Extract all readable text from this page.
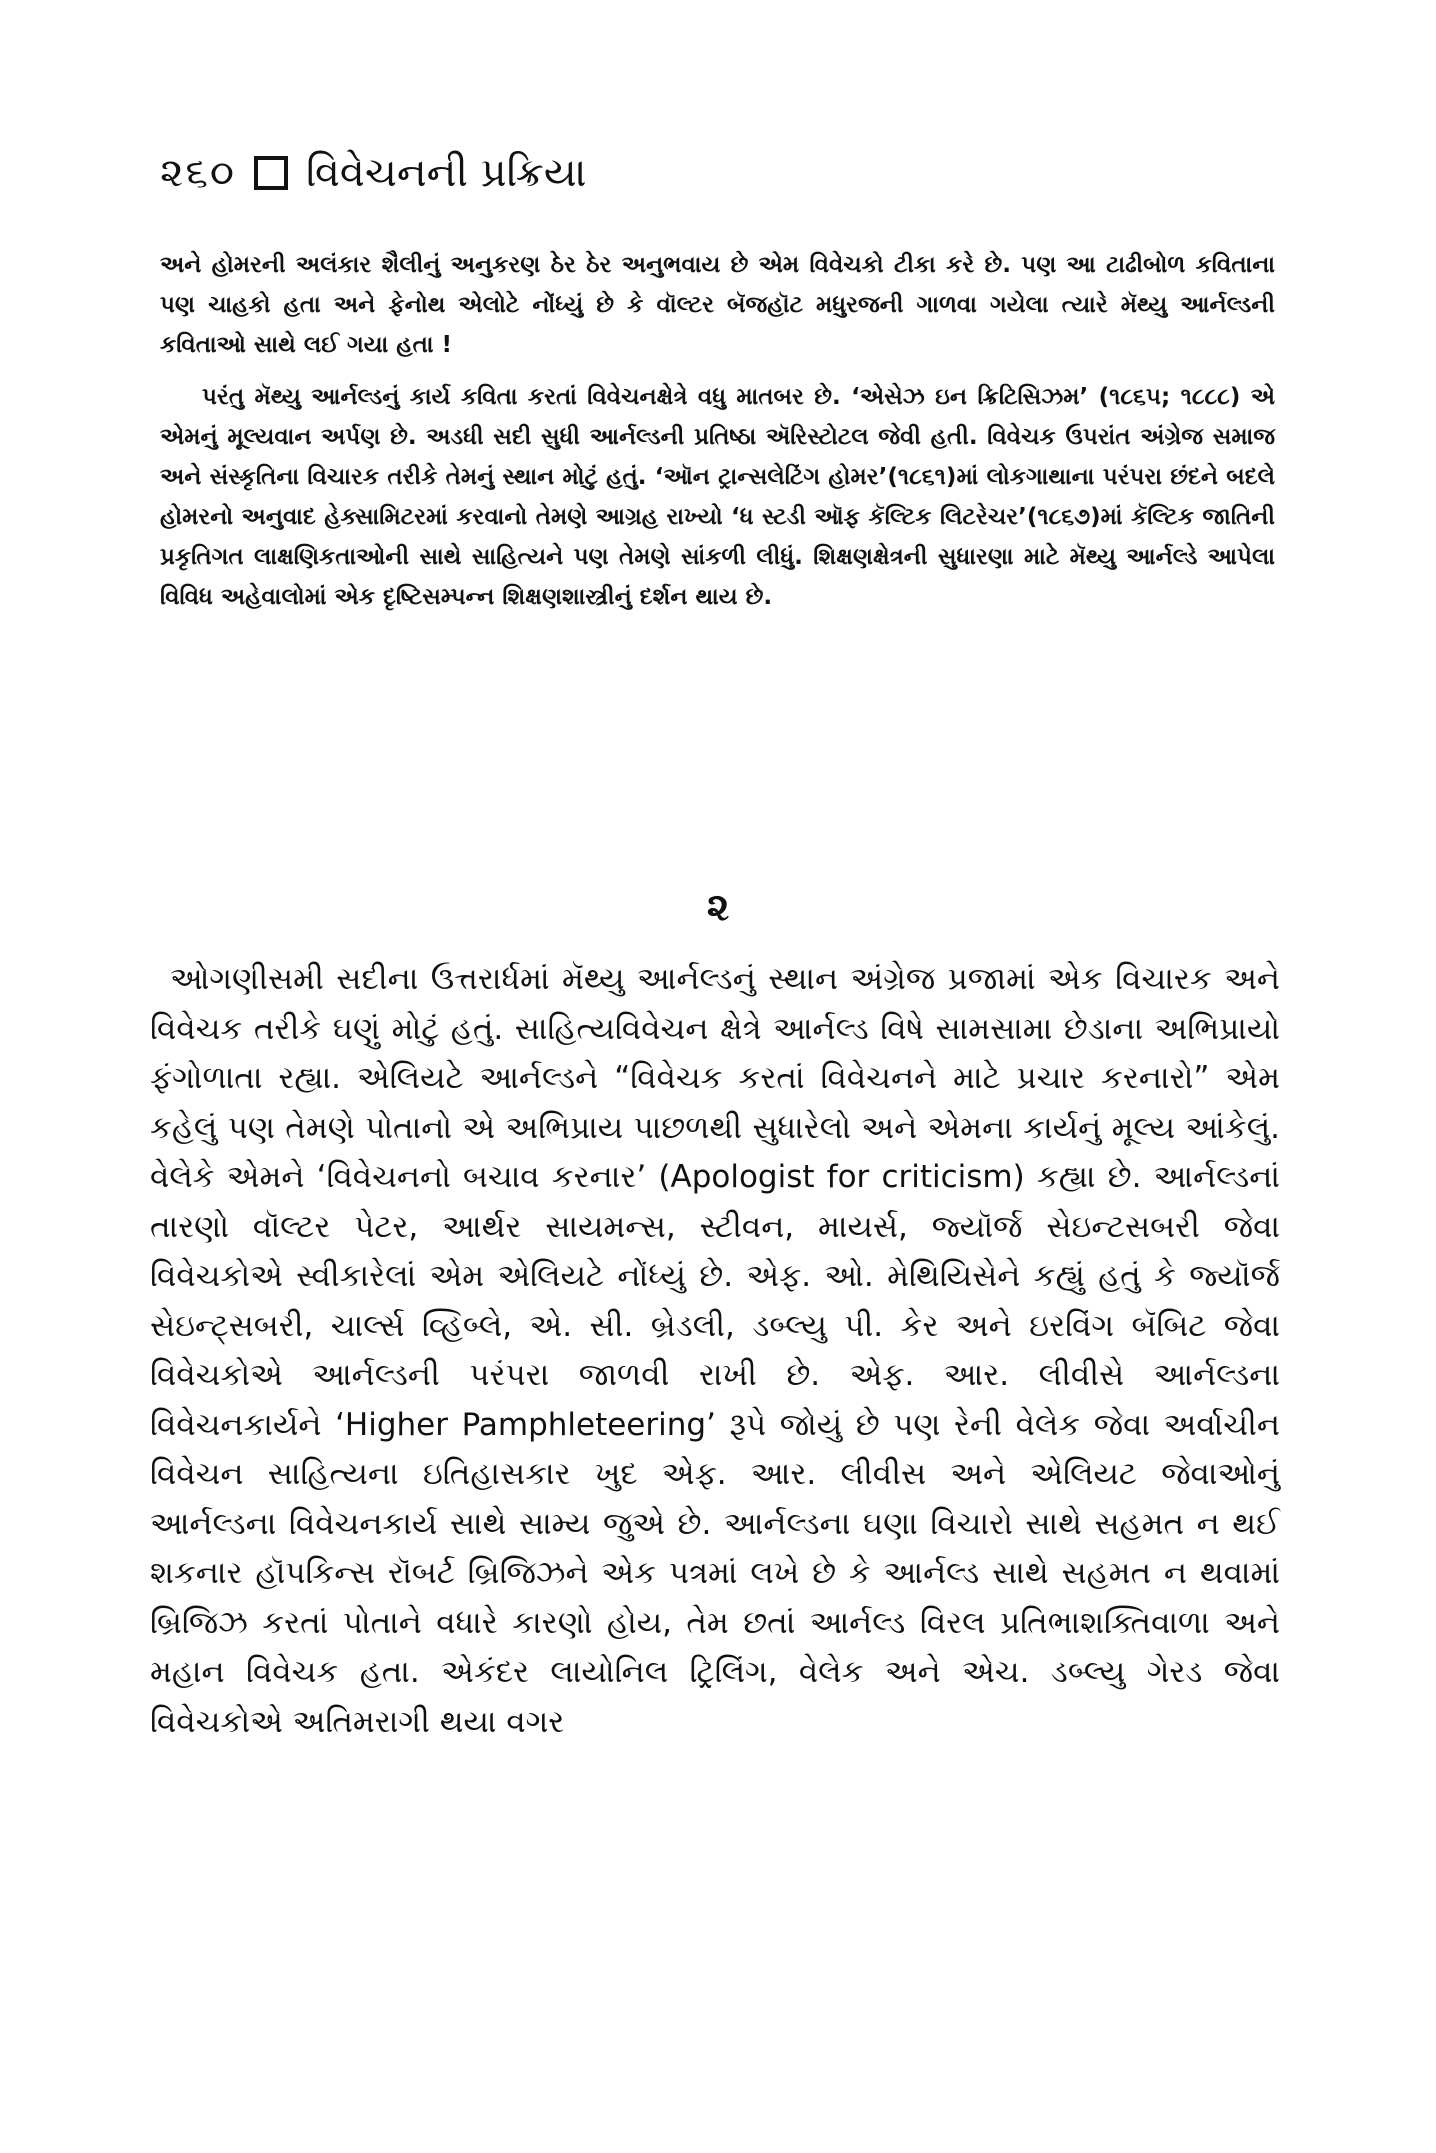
૨૬૦ વિવેચનની પ્રક્રિયા

અને હોમરની અલંકાર શૈલીનું અનુકરણ ઠેર ઠેર અનુભવાય છે એમ વિવેચકો ટીકા કરે છે. પણ આ ટાઢીબોળ કવિતાના પણ ચાહકો હતા અને ફેનોથ એલોટે નોંધ્યું છે કે વૉલ્ટર બૅજહૉટ મધુરજની ગાળવા ગયેલા ત્યારે મૅથ્યુ આર્નલ્ડની કવિતાઓ સાથે લઈ ગયા હતા !

પરંતુ મૅથ્યુ આર્નલ્ડનું કાર્ય કવિતા કરતાં વિવેચનક્ષેત્રે વધુ માતબર છે. ‘એસેઝ ઇન ક્રિટિસિઝમ’ (૧૮૬૫; ૧૮૮૮) એ એમનું મૂલ્યવાન અર્પણ છે. અડધી સદી સુધી આર્નલ્ડની પ્રતિષ્ઠા ઍરિસ્ટોટલ જેવી હતી. વિવેચક ઉપરાંત અંગ્રેજ સમાજ અને સંસ્કૃતિના વિચારક તરીકે તેમનું સ્થાન મોટું હતું. ‘ઑન ટ્રાન્સલેટિંગ હોમર’(૧૮૬૧)માં લોકગાથાના પરંપરા છંદને બદલે હોમરનો અનુવાદ હેક્સામિટરમાં કરવાનો તેમણે આગ્રહ રાખ્યો ‘ધ સ્ટડી ઑફ કૅલ્ટિક લિટરેચર’(૧૮૬૭)માં કૅલ્ટિક જાતિની પ્રકૃતિગત લાક્ષણિકતાઓની સાથે સાહિત્યને પણ તેમણે સાંકળી લીધું. શિક્ષણક્ષેત્રની સુધારણા માટે મૅથ્યુ આર્નલ્ડે આપેલા વિવિધ અહેવાલોમાં એક દૃષ્ટિસમ્પન્ન શિક્ષણશાસ્ત્રીનું દર્શન થાય છે.

૨

ઓગણીસમી સદીના ઉત્તરાર્ધમાં મૅથ્યુ આર્નલ્ડનું સ્થાન અંગ્રેજ પ્રજામાં એક વિચારક અને વિવેચક તરીકે ઘણું મોટું હતું. સાહિત્યવિવેચન ક્ષેત્રે આર્નલ્ડ વિષે સામસામા છેડાના અભિપ્રાયો ફંગોળાતા રહ્યા. એલિયટે આર્નલ્ડને “વિવેચક કરતાં વિવેચનને માટે પ્રચાર કરનારો” એમ કહેલું પણ તેમણે પોતાનો એ અભિપ્રાય પાછળથી સુધારેલો અને એમના કાર્યનું મૂલ્ય આંકેલું. વેલેકે એમને ‘વિવેચનનો બચાવ કરનાર’ (Apologist for criticism) કહ્યા છે. આર્નલ્ડનાં તારણો વૉલ્ટર પેટર, આર્થર સાયમન્સ, સ્ટીવન, માયર્સ, જ્યૉર્જ સેઇન્ટસબરી જેવા વિવેચકોએ સ્વીકારેલાં એમ એલિયટે નોંધ્યું છે. એફ. ઓ. મેથિયિસેને કહ્યું હતું કે જ્યૉર્જ સેઇન્ટ્સબરી, ચાર્લ્સ વ્હિબ્લે, એ. સી. બ્રેડલી, ડબ્લ્યુ પી. કેર અને ઇરવિંગ બૅબિટ જેવા વિવેચકોએ આર્નલ્ડની પરંપરા જાળવી રાખી છે. એફ. આર. લીવીસે આર્નલ્ડના વિવેચનકાર્યને ‘Higher Pamphleteering’ રૂપે જોયું છે પણ રેની વેલેક જેવા અર્વાચીન વિવેચન સાહિત્યના ઇતિહાસકાર ખુદ એફ. આર. લીવીસ અને એલિયટ જેવાઓનું આર્નલ્ડના વિવેચનકાર્ય સાથે સામ્ય જુએ છે. આર્નલ્ડના ઘણા વિચારો સાથે સહમત ન થઈ શકનાર હૉપકિન્સ રૉબર્ટ બ્રિજિઝને એક પત્રમાં લખે છે કે આર્નલ્ડ સાથે સહમત ન થવામાં બ્રિજિઝ કરતાં પોતાને વધારે કારણો હોય, તેમ છતાં આર્નલ્ડ વિરલ પ્રતિભાશક્તિવાળા અને મહાન વિવેચક હતા. એકંદર લાયોનિલ ટ્રિલિંગ, વેલેક અને એચ. ડબ્લ્યુ ગેરડ જેવા વિવેચકોએ અતિમરાગી થયા વગર
